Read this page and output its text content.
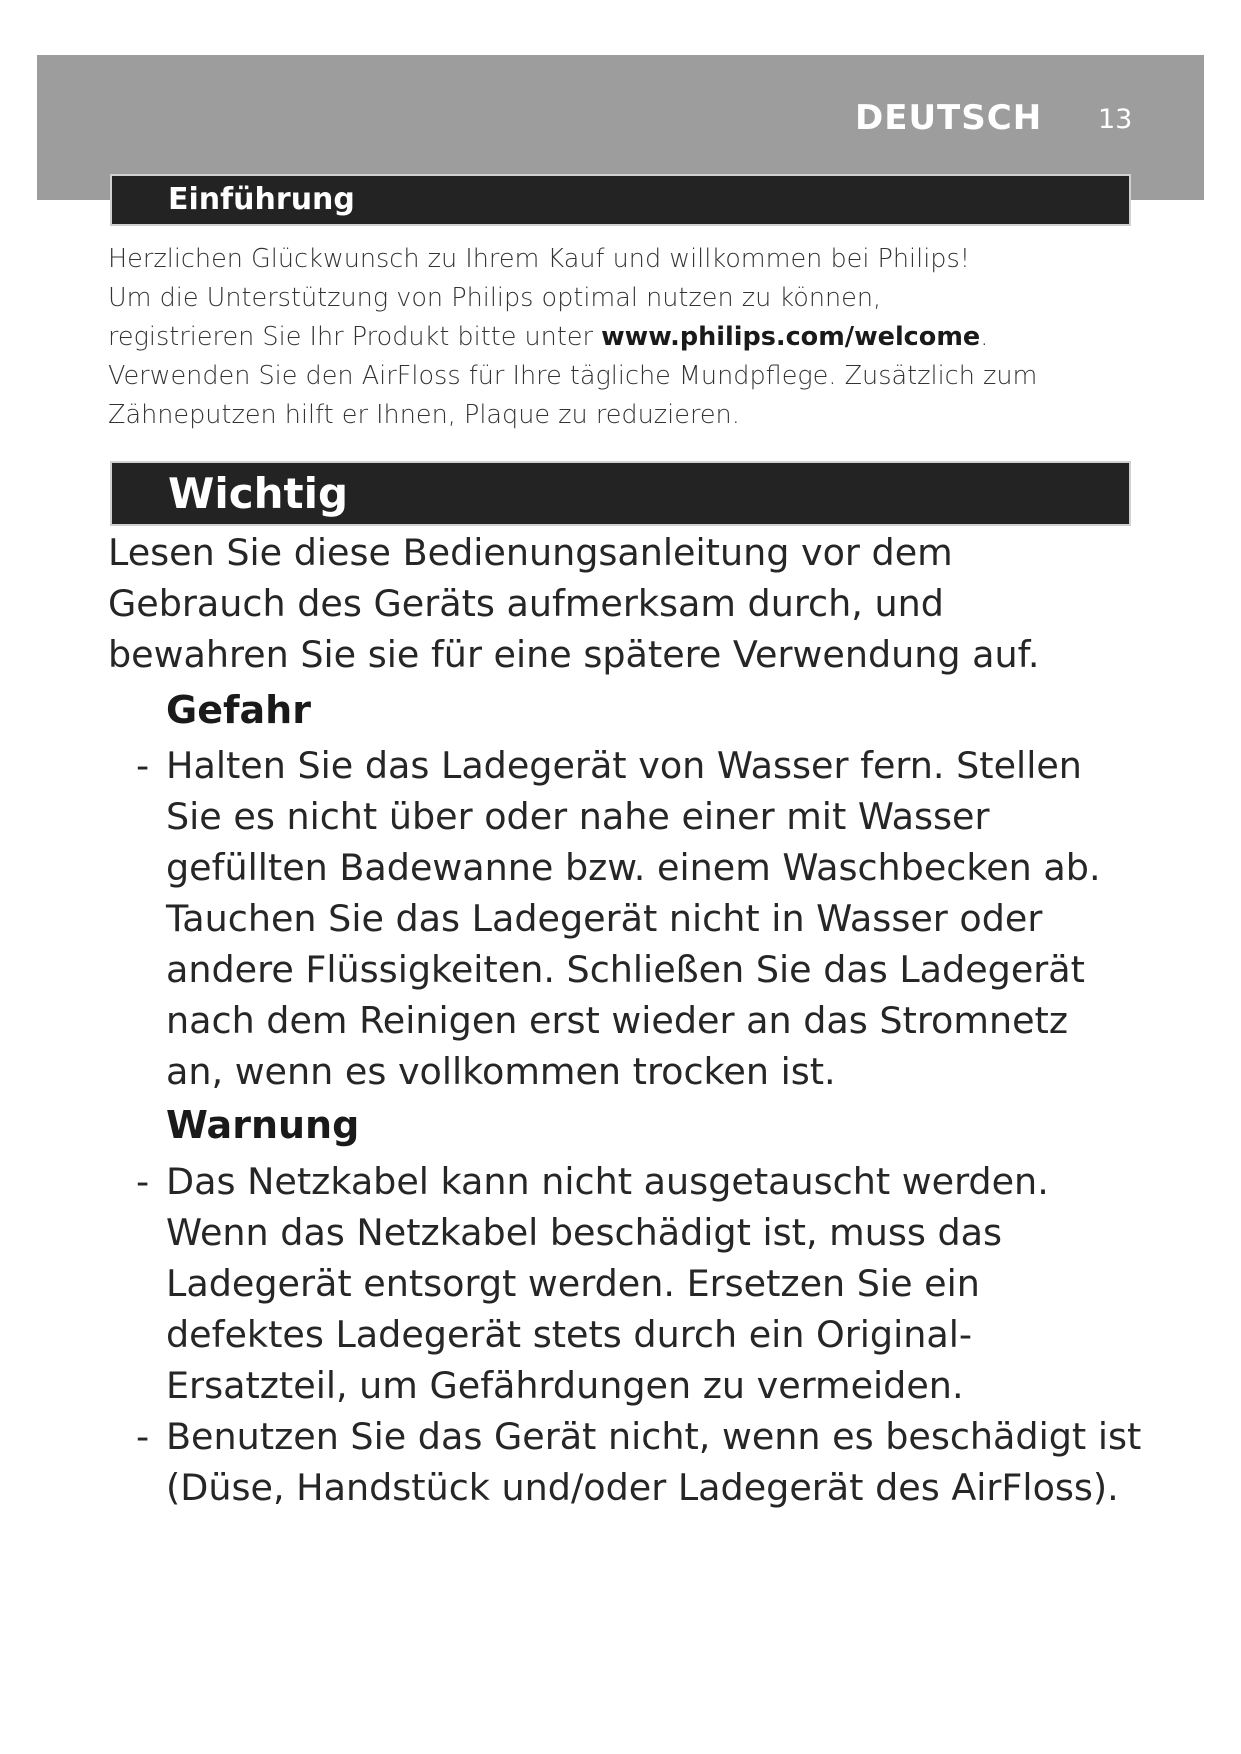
DEUTSCH 13
Einführung

Herzlichen Glückwunsch zu Ihrem Kauf und willkommen bei Philips!
Um die Unterstützung von Philips optimal nutzen zu können,
registrieren Sie Ihr Produkt bitte unter www.philips.com/welcome.
Verwenden Sie den AirFloss für Ihre tägliche Mundpflege. Zusätzlich zum
Zähneputzen hilft er Ihnen, Plaque zu reduzieren.

Wichtig

Lesen Sie diese Bedienungsanleitung vor dem
Gebrauch des Geräts aufmerksam durch, und
bewahren Sie sie für eine spätere Verwendung auf.

Gefahr
- Halten Sie das Ladegerät von Wasser fern. Stellen
Sie es nicht über oder nahe einer mit Wasser
gefüllten Badewanne bzw. einem Waschbecken ab.
Tauchen Sie das Ladegerät nicht in Wasser oder
andere Flüssigkeiten. Schließen Sie das Ladegerät
nach dem Reinigen erst wieder an das Stromnetz
an, wenn es vollkommen trocken ist.
Warnung
- Das Netzkabel kann nicht ausgetauscht werden.
Wenn das Netzkabel beschädigt ist, muss das
Ladegerät entsorgt werden. Ersetzen Sie ein
defektes Ladegerät stets durch ein Original-
Ersatzteil, um Gefährdungen zu vermeiden.
- Benutzen Sie das Gerät nicht, wenn es beschädigt ist
(Düse, Handstück und/oder Ladegerät des AirFloss).
